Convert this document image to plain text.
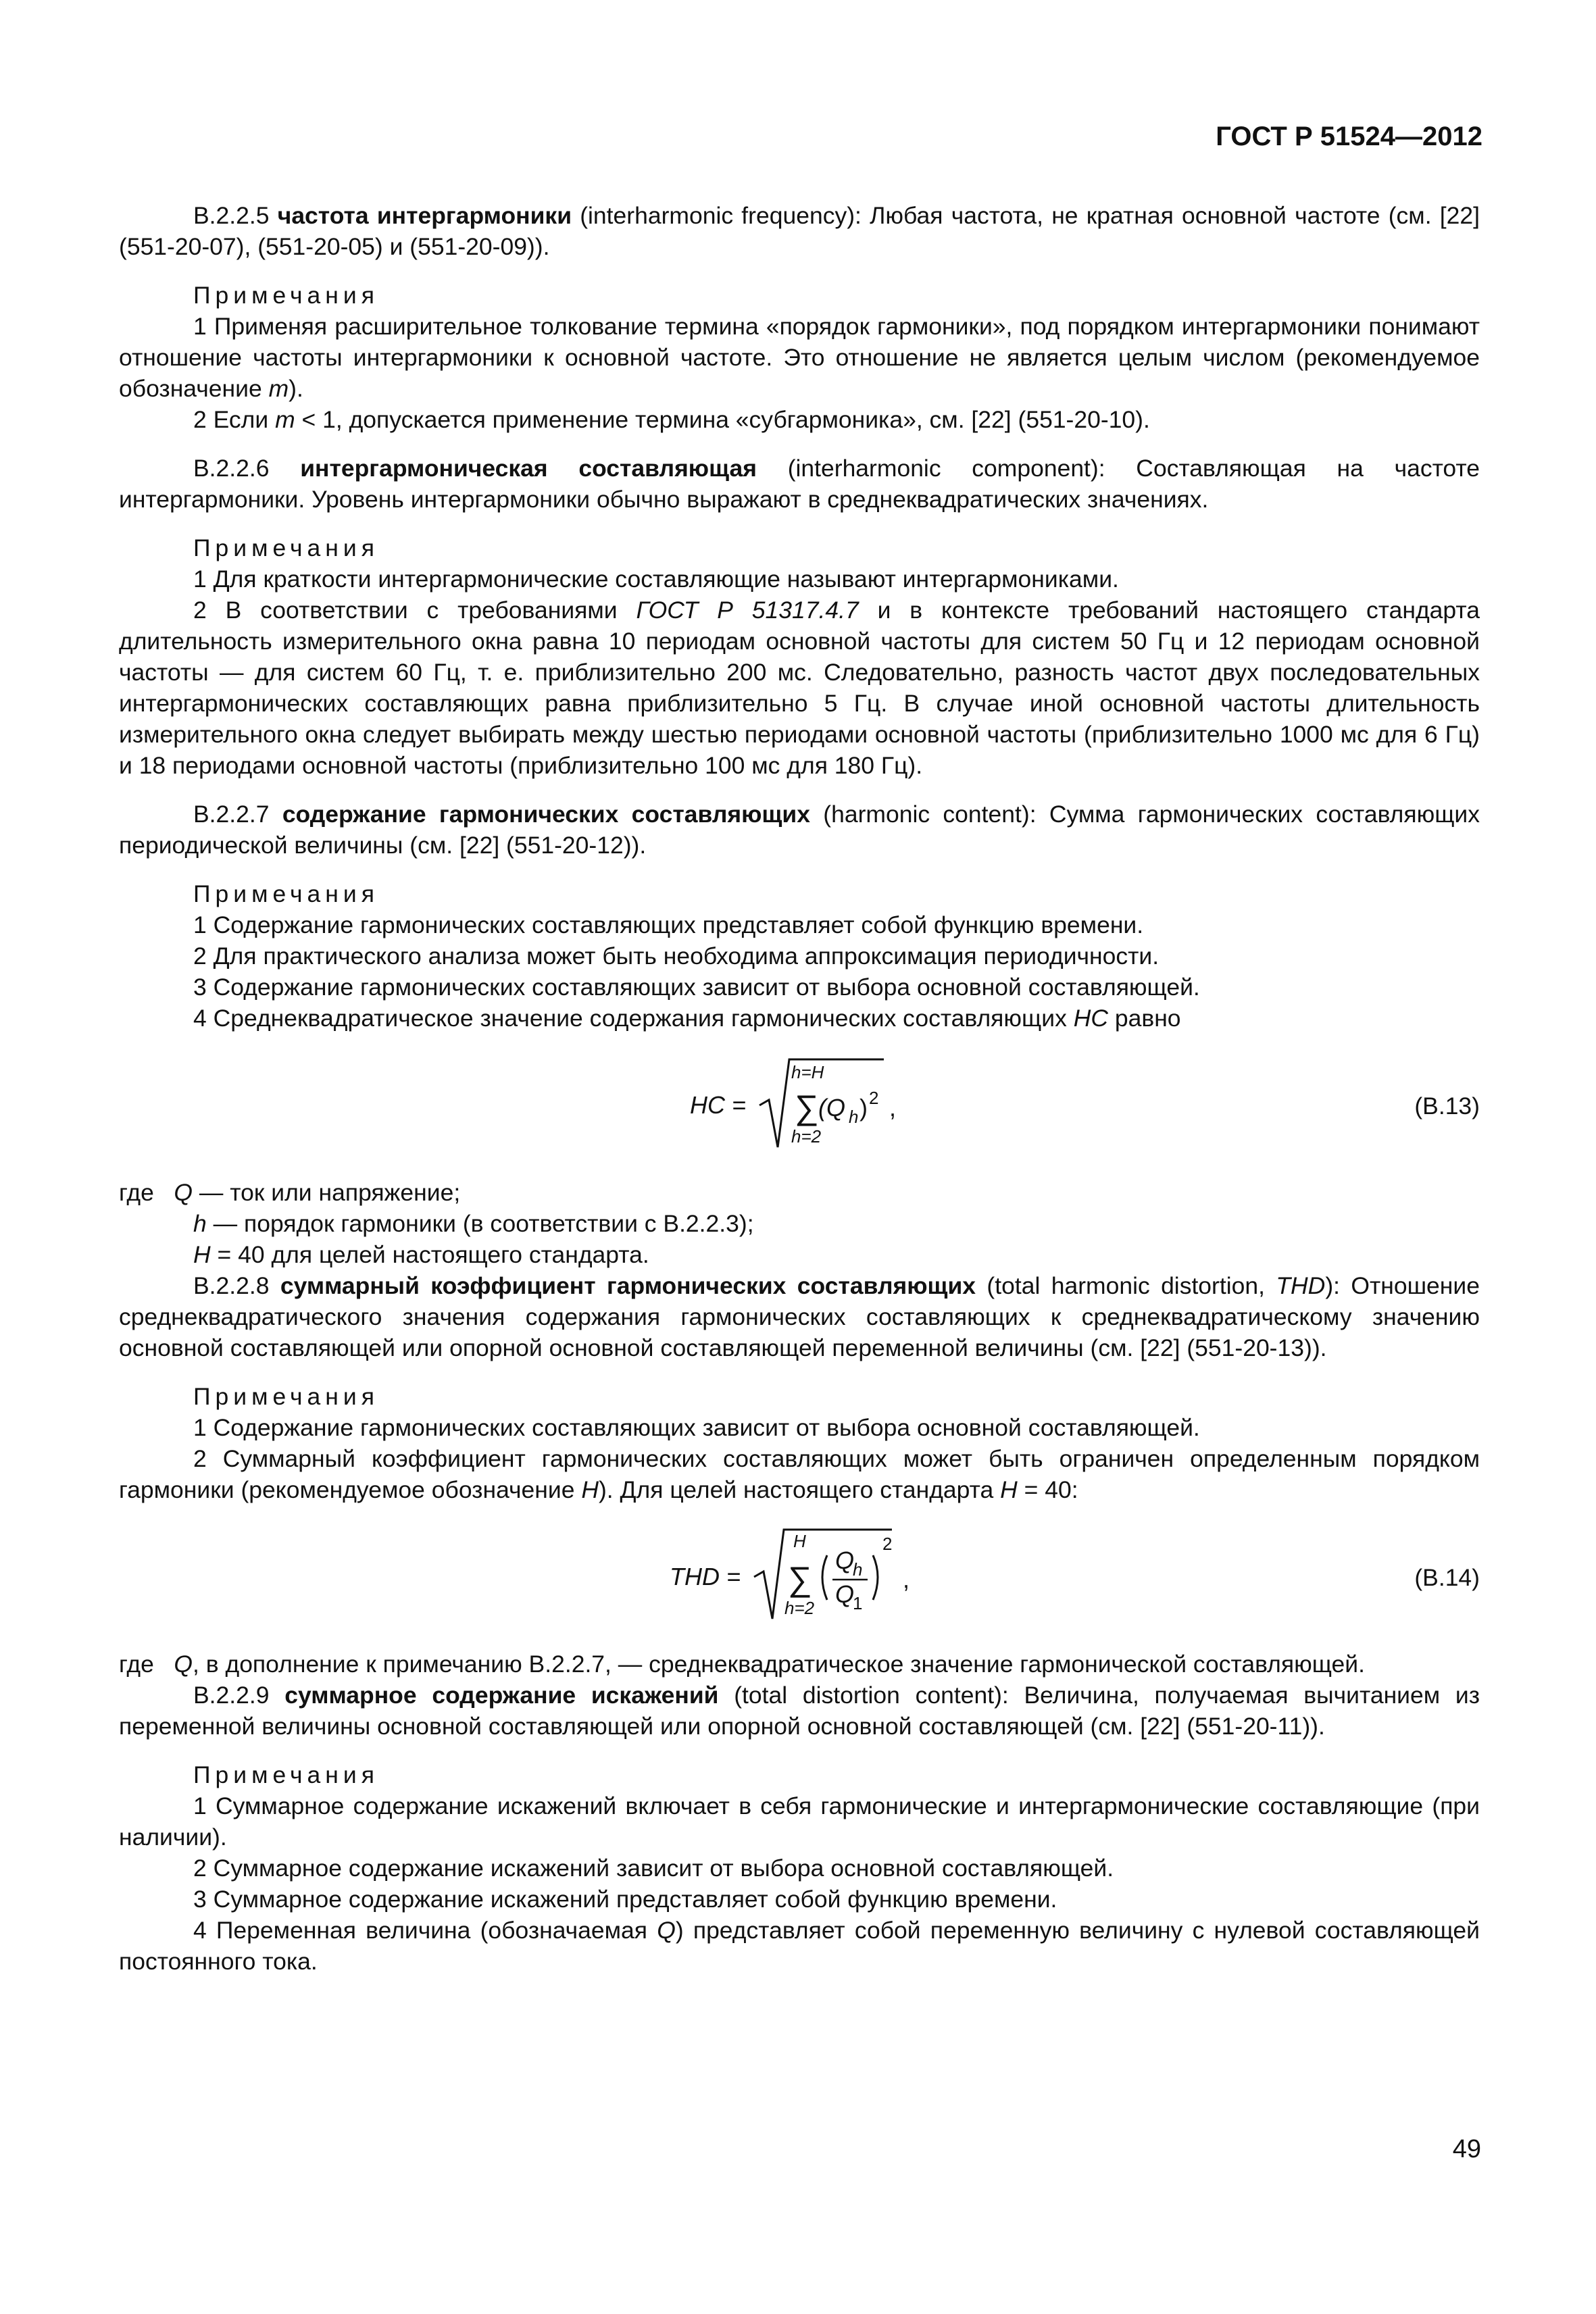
ГОСТ Р 51524—2012

В.2.2.5 частота интергармоники (interharmonic frequency): Любая частота, не кратная основной частоте (см. [22] (551-20-07), (551-20-05) и (551-20-09)).

Примечания

1 Применяя расширительное толкование термина «порядок гармоники», под порядком интергармоники понимают отношение частоты интергармоники к основной частоте. Это отношение не является целым числом (рекомендуемое обозначение m).

2 Если m < 1, допускается применение термина «субгармоника», см. [22] (551-20-10).

В.2.2.6 интергармоническая составляющая (interharmonic component): Составляющая на частоте интергармоники. Уровень интергармоники обычно выражают в среднеквадратических значениях.

Примечания

1 Для краткости интергармонические составляющие называют интергармониками.

2 В соответствии с требованиями ГОСТ Р 51317.4.7 и в контексте требований настоящего стандарта длительность измерительного окна равна 10 периодам основной частоты для систем 50 Гц и 12 периодам основной частоты — для систем 60 Гц, т. е. приблизительно 200 мс. Следовательно, разность частот двух последовательных интергармонических составляющих равна приблизительно 5 Гц. В случае иной основной частоты длительность измерительного окна следует выбирать между шестью периодами основной частоты (приблизительно 1000 мс для 6 Гц) и 18 периодами основной частоты (приблизительно 100 мс для 180 Гц).

В.2.2.7 содержание гармонических составляющих (harmonic content): Сумма гармонических составляющих периодической величины (см. [22] (551-20-12)).

Примечания

1 Содержание гармонических составляющих представляет собой функцию времени.

2 Для практического анализа может быть необходима аппроксимация периодичности.

3 Содержание гармонических составляющих зависит от выбора основной составляющей.

4 Среднеквадратическое значение содержания гармонических составляющих HC равно

HC =
h=H
∑
h=2
(Q h ) 2 ,	(В.13)

где Q — ток или напряжение;

h — порядок гармоники (в соответствии с В.2.2.3);

H = 40 для целей настоящего стандарта.

В.2.2.8 суммарный коэффициент гармонических составляющих (total harmonic distortion, THD): Отношение среднеквадратического значения содержания гармонических составляющих к среднеквадратическому значению основной составляющей или опорной основной составляющей переменной величины (см. [22] (551-20-13)).

Примечания

1 Содержание гармонических составляющих зависит от выбора основной составляющей.

2 Суммарный коэффициент гармонических составляющих может быть ограничен определенным порядком гармоники (рекомендуемое обозначение H). Для целей настоящего стандарта H = 40:

THD =
H
∑
h=2
Q
h
Q
1
2
,	(В.14)

где Q, в дополнение к примечанию В.2.2.7, — среднеквадратическое значение гармонической составляющей.

В.2.2.9 суммарное содержание искажений (total distortion content): Величина, получаемая вычитанием из переменной величины основной составляющей или опорной основной составляющей (см. [22] (551-20-11)).

Примечания

1 Суммарное содержание искажений включает в себя гармонические и интергармонические составляющие (при наличии).

2 Суммарное содержание искажений зависит от выбора основной составляющей.

3 Суммарное содержание искажений представляет собой функцию времени.

4 Переменная величина (обозначаемая Q) представляет собой переменную величину с нулевой составляющей постоянного тока.

49
